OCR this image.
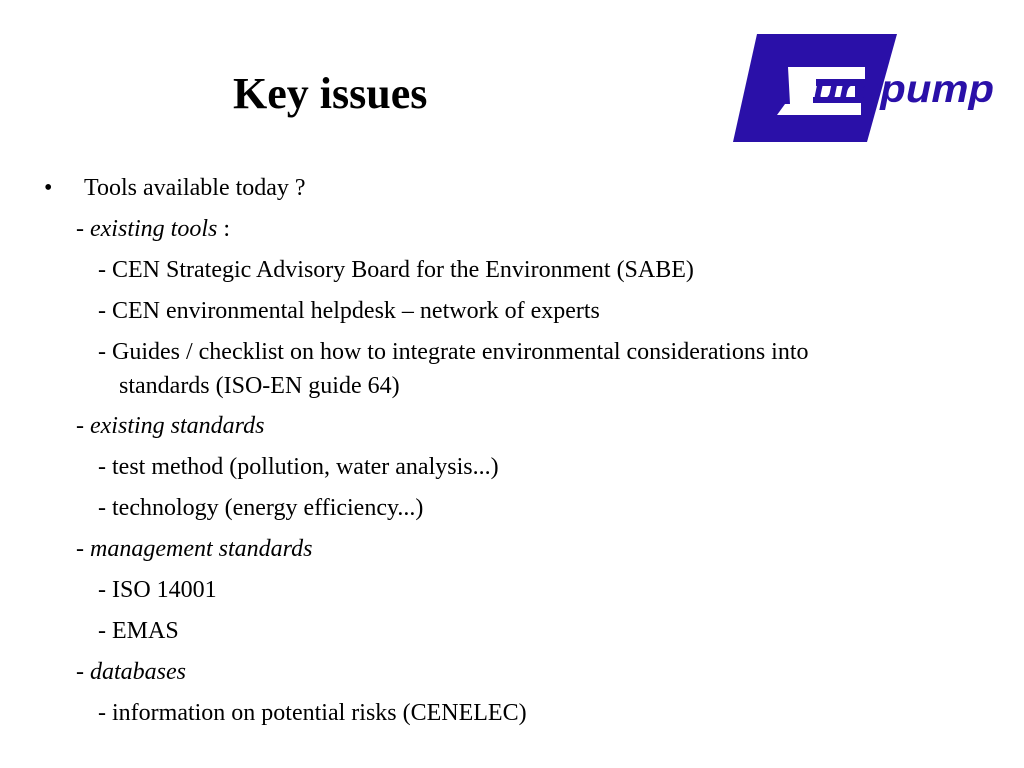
Key issues	uropump
• Tools available today ?
- existing tools :
- CEN Strategic Advisory Board for the Environment (SABE)
- CEN environmental helpdesk – network of experts
- Guides / checklist on how to integrate environmental considerations into
standards (ISO-EN guide 64)
- existing standards
- test method (pollution, water analysis...)
- technology (energy efficiency...)
- management standards
- ISO 14001
- EMAS
- databases
- information on potential risks (CENELEC)
